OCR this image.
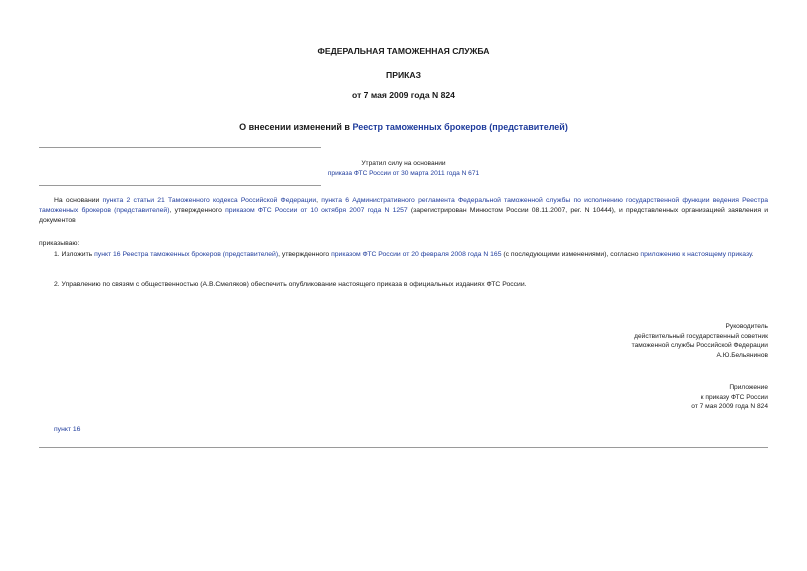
ФЕДЕРАЛЬНАЯ ТАМОЖЕННАЯ СЛУЖБА
ПРИКАЗ
от 7 мая 2009 года N 824
О внесении изменений в Реестр таможенных брокеров (представителей)
Утратил силу на основании
приказа ФТС России от 30 марта 2011 года N 671
На основании пункта 2 статьи 21 Таможенного кодекса Российской Федерации, пункта 6 Административного регламента Федеральной таможенной службы по исполнению государственной функции ведения Реестра таможенных брокеров (представителей), утвержденного приказом ФТС России от 10 октября 2007 года N 1257 (зарегистрирован Минюстом России 08.11.2007, рег. N 10444), и представленных организацией заявления и документов
приказываю:
1. Изложить пункт 16 Реестра таможенных брокеров (представителей), утвержденного приказом ФТС России от 20 февраля 2008 года N 165 (с последующими изменениями), согласно приложению к настоящему приказу.
2. Управлению по связям с общественностью (А.В.Смеляков) обеспечить опубликование настоящего приказа в официальных изданиях ФТС России.
Руководитель
действительный государственный советник
таможенной службы Российской Федерации
А.Ю.Бельянинов
Приложение
к приказу ФТС России
от 7 мая 2009 года N 824
пункт 16
